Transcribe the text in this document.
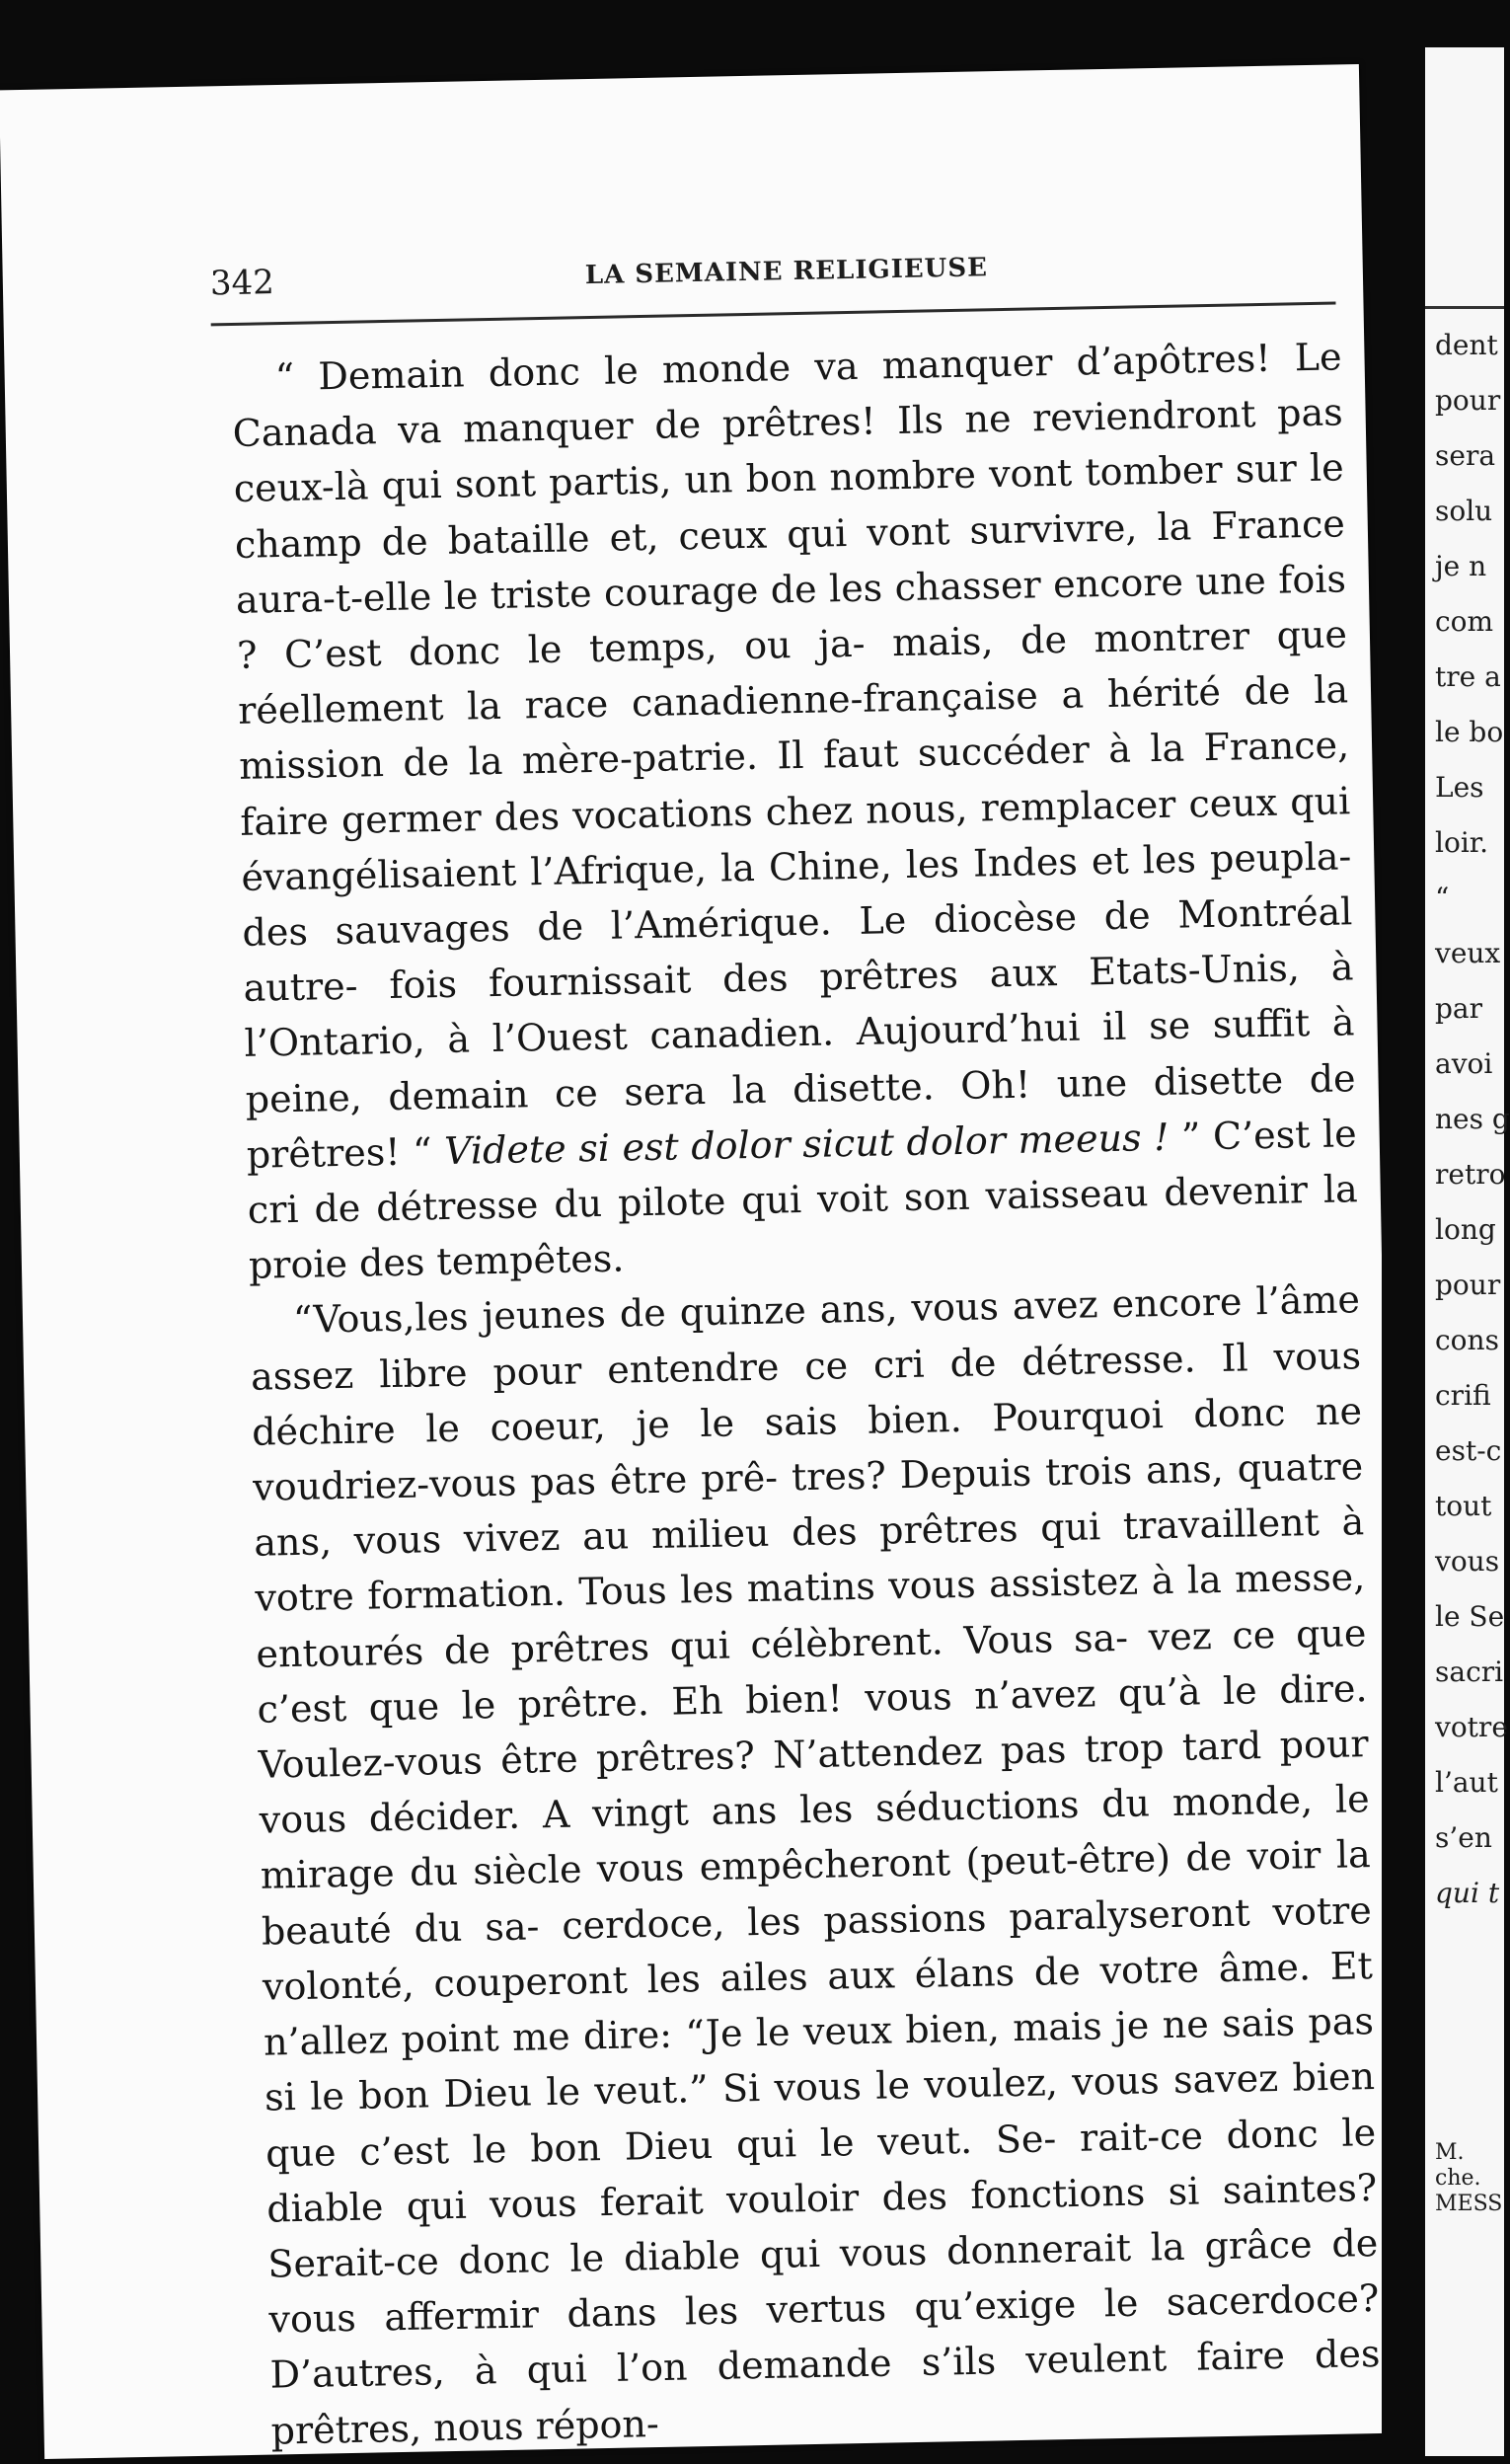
342	LA SEMAINE RELIGIEUSE

“ Demain donc le monde va manquer d’apôtres! Le Canada va manquer de prêtres! Ils ne reviendront pas ceux-là qui sont partis, un bon nombre vont tomber sur le champ de bataille et, ceux qui vont survivre, la France aura-t-elle le triste courage de les chasser encore une fois ? C’est donc le temps, ou ja- mais, de montrer que réellement la race canadienne-française a hérité de la mission de la mère-patrie. Il faut succéder à la France, faire germer des vocations chez nous, remplacer ceux qui évangélisaient l’Afrique, la Chine, les Indes et les peupla- des sauvages de l’Amérique. Le diocèse de Montréal autre- fois fournissait des prêtres aux Etats-Unis, à l’Ontario, à l’Ouest canadien. Aujourd’hui il se suffit à peine, demain ce sera la disette. Oh! une disette de prêtres! “ Videte si est dolor sicut dolor meeus ! ” C’est le cri de détresse du pilote qui voit son vaisseau devenir la proie des tempêtes.

“Vous,les jeunes de quinze ans, vous avez encore l’âme assez libre pour entendre ce cri de détresse. Il vous déchire le coeur, je le sais bien. Pourquoi donc ne voudriez-vous pas être prê- tres? Depuis trois ans, quatre ans, vous vivez au milieu des prêtres qui travaillent à votre formation. Tous les matins vous assistez à la messe, entourés de prêtres qui célèbrent. Vous sa- vez ce que c’est que le prêtre. Eh bien! vous n’avez qu’à le dire. Voulez-vous être prêtres? N’attendez pas trop tard pour vous décider. A vingt ans les séductions du monde, le mirage du siècle vous empêcheront (peut-être) de voir la beauté du sa- cerdoce, les passions paralyseront votre volonté, couperont les ailes aux élans de votre âme. Et n’allez point me dire: “Je le veux bien, mais je ne sais pas si le bon Dieu le veut.” Si vous le voulez, vous savez bien que c’est le bon Dieu qui le veut. Se- rait-ce donc le diable qui vous ferait vouloir des fonctions si saintes? Serait-ce donc le diable qui vous donnerait la grâce de vous affermir dans les vertus qu’exige le sacerdoce? D’autres, à qui l’on demande s’ils veulent faire des prêtres, nous répon-

dent
pour
sera
solu
je n
com
tre a
le bo
Les
loir.
“
veux
par
avoi
nes g
retro
long
pour
cons
crifi
est-c
tout
vous
le Se
sacri
votre
l’aut
s’en
qui t
M.
che.
MESS
